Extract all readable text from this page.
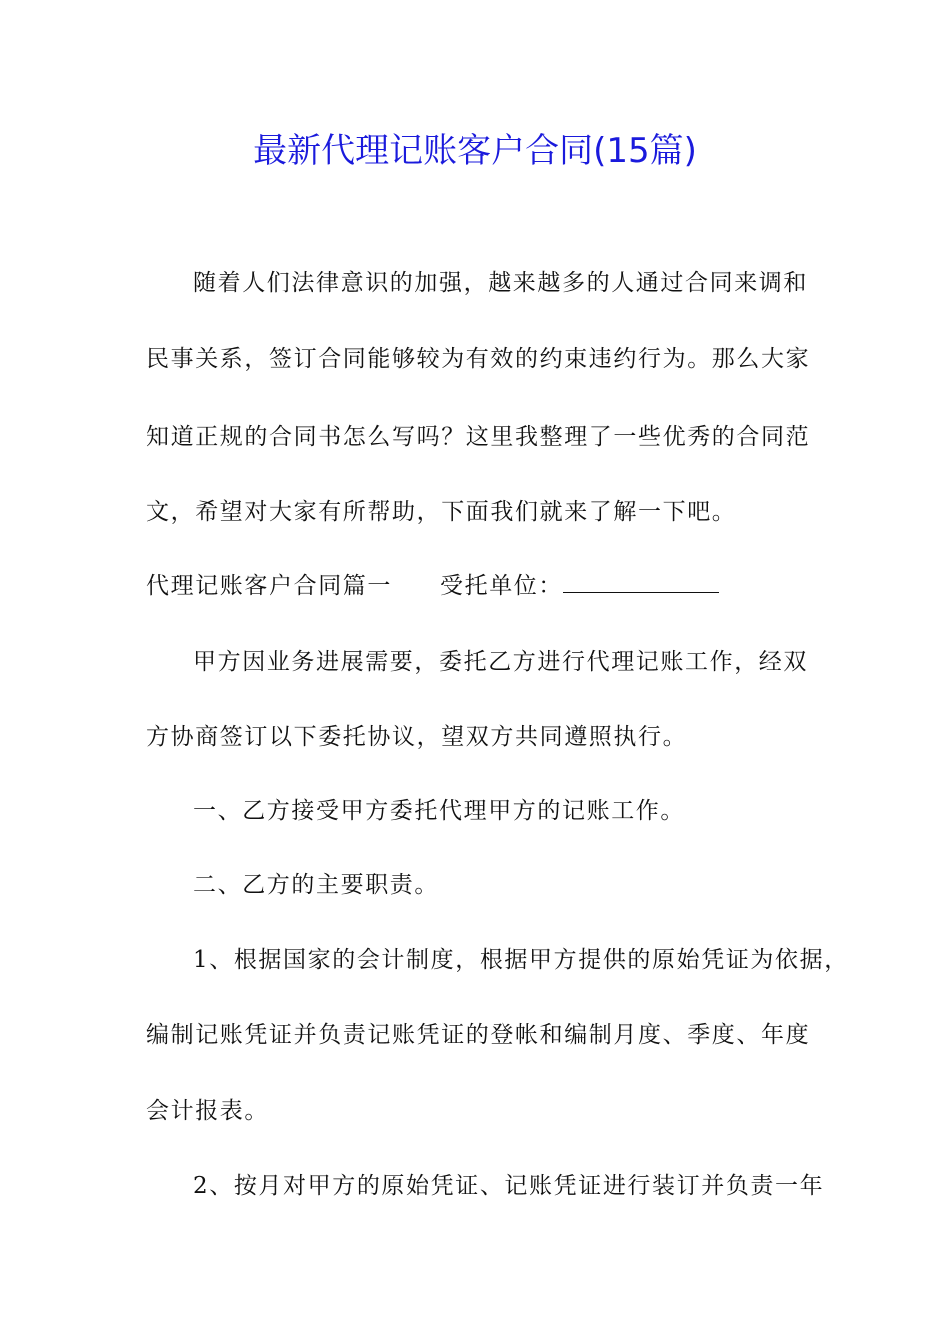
最新代理记账客户合同(15篇)
随着人们法律意识的加强，越来越多的人通过合同来调和
民事关系，签订合同能够较为有效的约束违约行为。那么大家
知道正规的合同书怎么写吗？这里我整理了一些优秀的合同范
文，希望对大家有所帮助，下面我们就来了解一下吧。
代理记账客户合同篇一 受托单位：
甲方因业务进展需要，委托乙方进行代理记账工作，经双
方协商签订以下委托协议，望双方共同遵照执行。
一、乙方接受甲方委托代理甲方的记账工作。
二、乙方的主要职责。
1、根据国家的会计制度，根据甲方提供的原始凭证为依据，
编制记账凭证并负责记账凭证的登帐和编制月度、季度、年度
会计报表。
2、按月对甲方的原始凭证、记账凭证进行装订并负责一年
